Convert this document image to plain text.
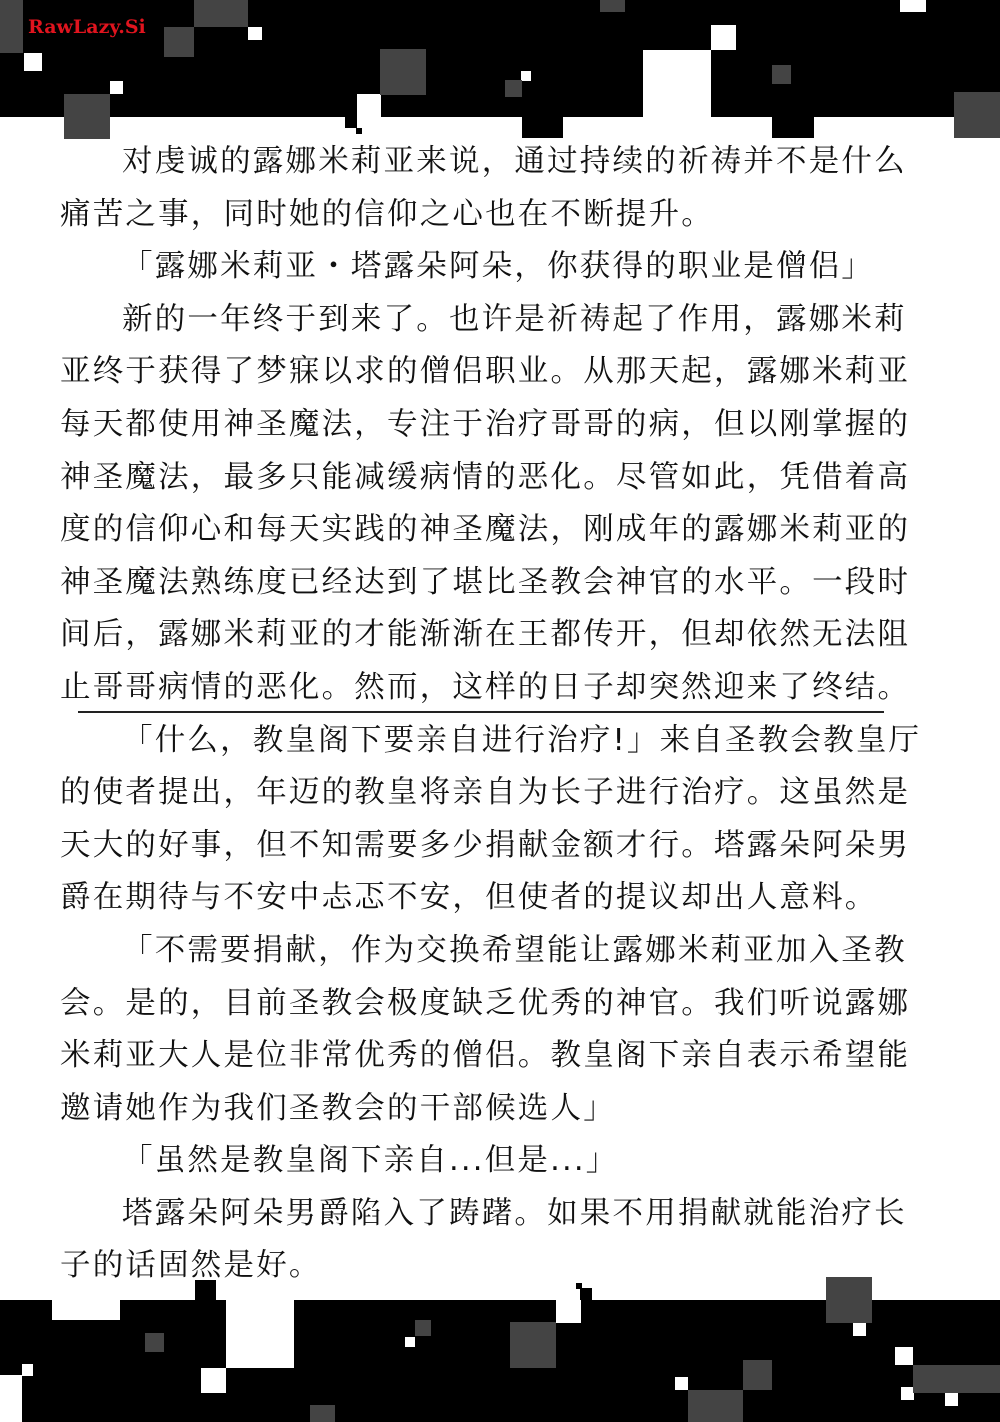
RawLazy.Si
对虔诚的露娜米莉亚来说，通过持续的祈祷并不是什么
痛苦之事，同时她的信仰之心也在不断提升。
「露娜米莉亚・塔露朵阿朵，你获得的职业是僧侣」
新的一年终于到来了。也许是祈祷起了作用，露娜米莉
亚终于获得了梦寐以求的僧侣职业。从那天起，露娜米莉亚
每天都使用神圣魔法，专注于治疗哥哥的病，但以刚掌握的
神圣魔法，最多只能减缓病情的恶化。尽管如此，凭借着高
度的信仰心和每天实践的神圣魔法，刚成年的露娜米莉亚的
神圣魔法熟练度已经达到了堪比圣教会神官的水平。一段时
间后，露娜米莉亚的才能渐渐在王都传开，但却依然无法阻
止哥哥病情的恶化。然而，这样的日子却突然迎来了终结。
「什么，教皇阁下要亲自进行治疗!」来自圣教会教皇厅
的使者提出，年迈的教皇将亲自为长子进行治疗。这虽然是
天大的好事，但不知需要多少捐献金额才行。塔露朵阿朵男
爵在期待与不安中忐忑不安，但使者的提议却出人意料。
「不需要捐献，作为交换希望能让露娜米莉亚加入圣教
会。是的，目前圣教会极度缺乏优秀的神官。我们听说露娜
米莉亚大人是位非常优秀的僧侣。教皇阁下亲自表示希望能
邀请她作为我们圣教会的干部候选人」
「虽然是教皇阁下亲自...但是...」
塔露朵阿朵男爵陷入了踌躇。如果不用捐献就能治疗长
子的话固然是好。
